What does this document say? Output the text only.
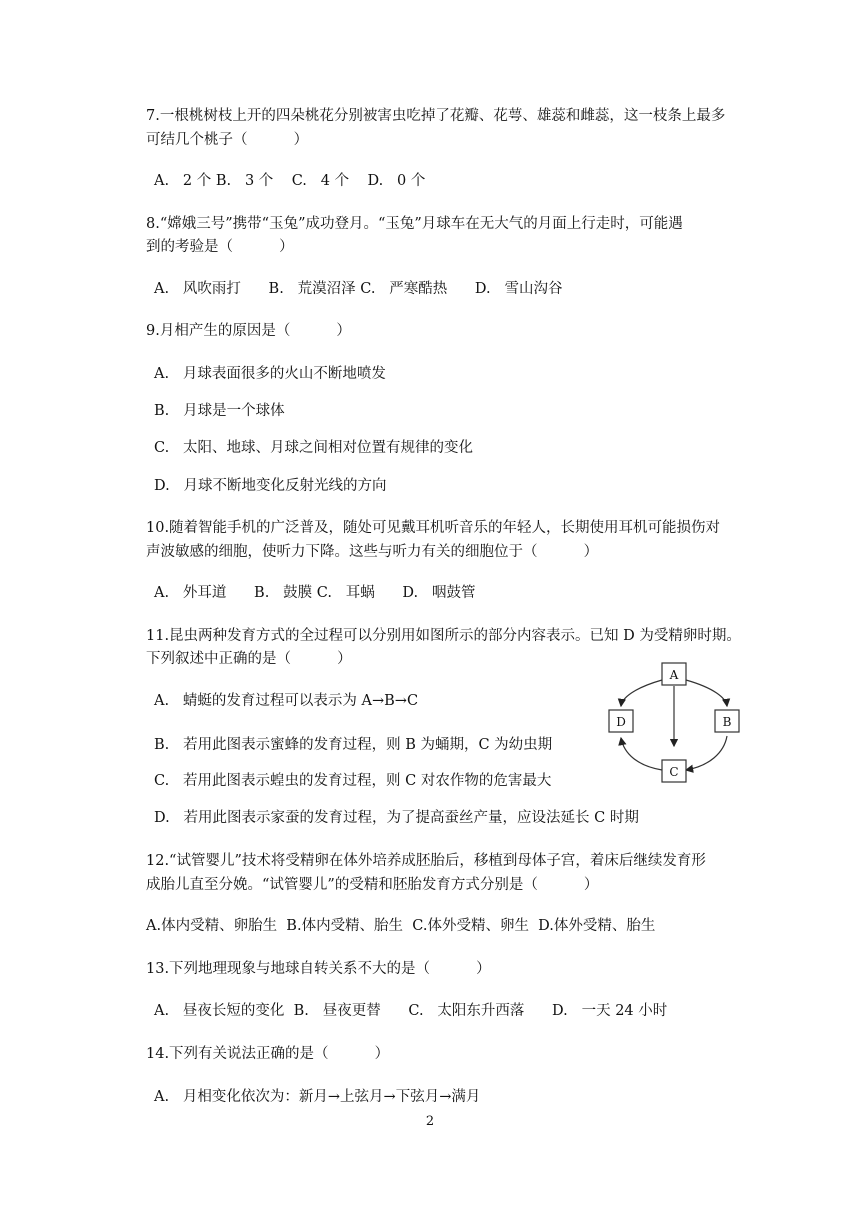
7.一根桃树枝上开的四朵桃花分别被害虫吃掉了花瓣、花萼、雄蕊和雌蕊，这一枝条上最多
可结几个桃子（          ）
A.   2 个 B.   3 个    C.   4 个    D.   0 个
8.“嫦娥三号”携带“玉兔”成功登月。“玉兔”月球车在无大气的月面上行走时，可能遇
到的考验是（          ）
A.   风吹雨打      B.   荒漠沼泽 C.   严寒酷热      D.   雪山沟谷
9.月相产生的原因是（          ）
A.   月球表面很多的火山不断地喷发
B.   月球是一个球体
C.   太阳、地球、月球之间相对位置有规律的变化
D.   月球不断地变化反射光线的方向
10.随着智能手机的广泛普及，随处可见戴耳机听音乐的年轻人，长期使用耳机可能损伤对
声波敏感的细胞，使听力下降。这些与听力有关的细胞位于（          ）
A.   外耳道      B.   鼓膜 C.   耳蜗      D.   咽鼓管
11.昆虫两种发育方式的全过程可以分别用如图所示的部分内容表示。已知 D 为受精卵时期。
下列叙述中正确的是（          ）
A.   蜻蜓的发育过程可以表示为 A→B→C
B.   若用此图表示蜜蜂的发育过程，则 B 为蛹期，C 为幼虫期
C.   若用此图表示蝗虫的发育过程，则 C 对农作物的危害最大
D.   若用此图表示家蚕的发育过程，为了提高蚕丝产量，应设法延长 C 时期
A
B
C
D
12.“试管婴儿”技术将受精卵在体外培养成胚胎后，移植到母体子宫，着床后继续发育形
成胎儿直至分娩。“试管婴儿”的受精和胚胎发育方式分别是（          ）
A.体内受精、卵胎生  B.体内受精、胎生  C.体外受精、卵生  D.体外受精、胎生
13.下列地理现象与地球自转关系不大的是（          ）
A.   昼夜长短的变化  B.   昼夜更替      C.   太阳东升西落      D.   一天 24 小时
14.下列有关说法正确的是（          ）
A.   月相变化依次为：新月→上弦月→下弦月→满月
2
